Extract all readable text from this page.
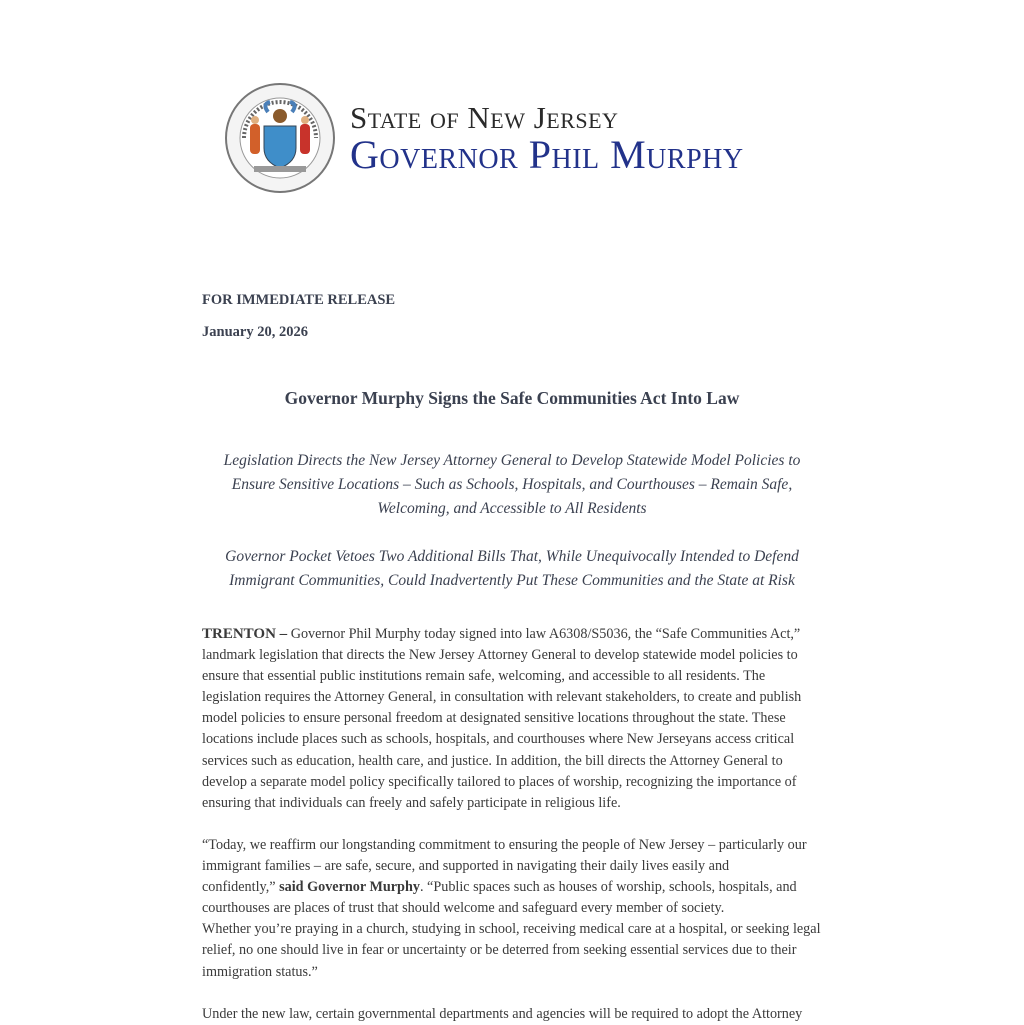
State of New Jersey
Governor Phil Murphy
FOR IMMEDIATE RELEASE
January 20, 2026
Governor Murphy Signs the Safe Communities Act Into Law
Legislation Directs the New Jersey Attorney General to Develop Statewide Model Policies to
Ensure Sensitive Locations – Such as Schools, Hospitals, and Courthouses – Remain Safe,
Welcoming, and Accessible to All Residents
Governor Pocket Vetoes Two Additional Bills That, While Unequivocally Intended to Defend
Immigrant Communities, Could Inadvertently Put These Communities and the State at Risk
TRENTON – Governor Phil Murphy today signed into law A6308/S5036, the “Safe Communities Act,”
landmark legislation that directs the New Jersey Attorney General to develop statewide model policies to
ensure that essential public institutions remain safe, welcoming, and accessible to all residents. The
legislation requires the Attorney General, in consultation with relevant stakeholders, to create and publish
model policies to ensure personal freedom at designated sensitive locations throughout the state. These
locations include places such as schools, hospitals, and courthouses where New Jerseyans access critical
services such as education, health care, and justice. In addition, the bill directs the Attorney General to
develop a separate model policy specifically tailored to places of worship, recognizing the importance of
ensuring that individuals can freely and safely participate in religious life.
“Today, we reaffirm our longstanding commitment to ensuring the people of New Jersey – particularly our
immigrant families – are safe, secure, and supported in navigating their daily lives easily and
confidently,” said Governor Murphy. “Public spaces such as houses of worship, schools, hospitals, and
courthouses are places of trust that should welcome and safeguard every member of society.
Whether you’re praying in a church, studying in school, receiving medical care at a hospital, or seeking legal
relief, no one should live in fear or uncertainty or be deterred from seeking essential services due to their
immigration status.”
Under the new law, certain governmental departments and agencies will be required to adopt the Attorney
